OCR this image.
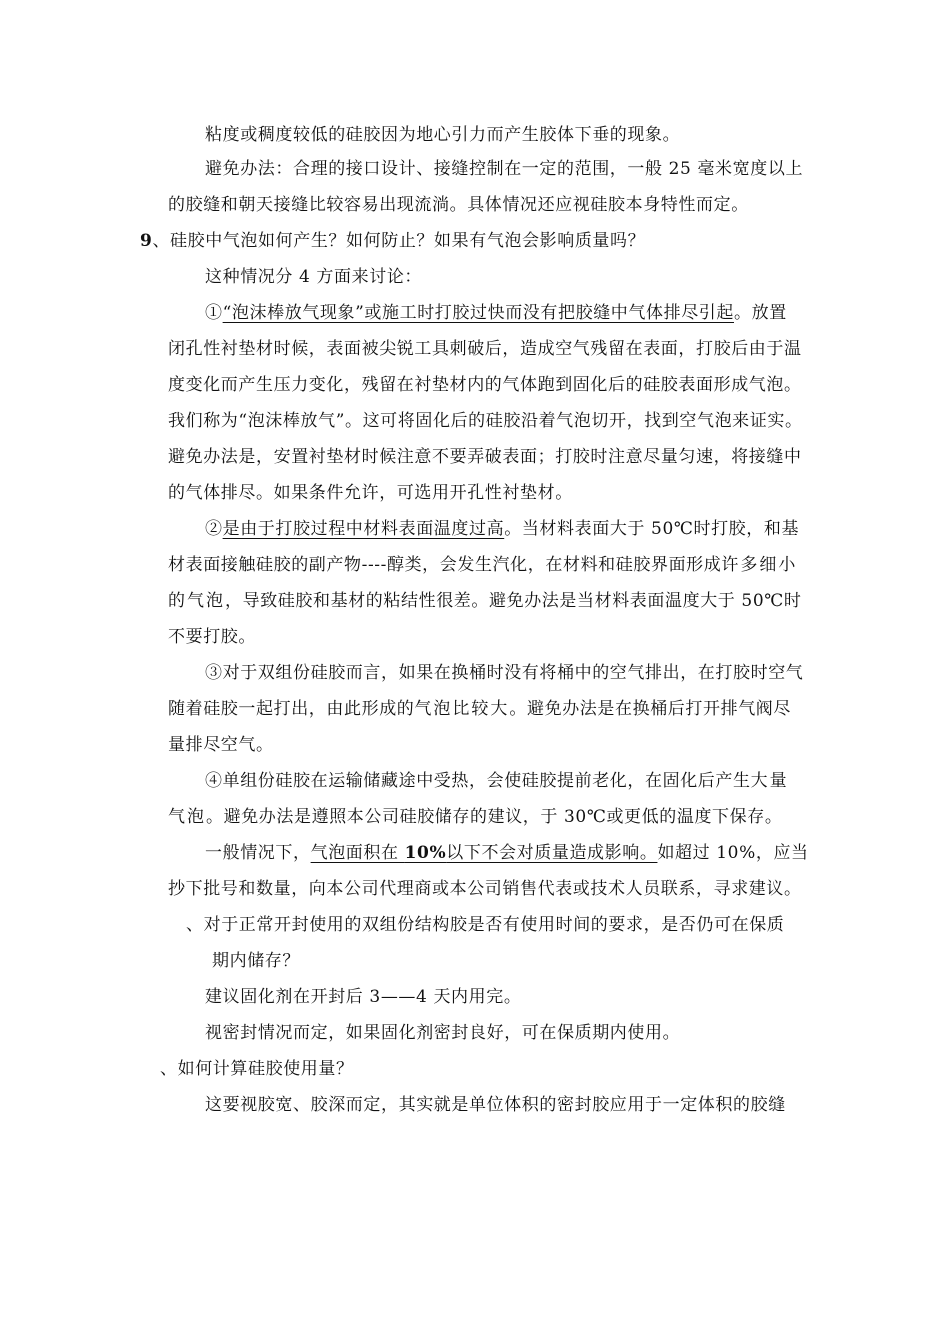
粘度或稠度较低的硅胶因为地心引力而产生胶体下垂的现象。
避免办法：合理的接口设计、接缝控制在一定的范围，一般 25 毫米宽度以上
的胶缝和朝天接缝比较容易出现流淌。具体情况还应视硅胶本身特性而定。
9、硅胶中气泡如何产生？如何防止？如果有气泡会影响质量吗？
这种情况分 4 方面来讨论：
①“泡沫棒放气现象”或施工时打胶过快而没有把胶缝中气体排尽引起。放置
闭孔性衬垫材时候，表面被尖锐工具刺破后，造成空气残留在表面，打胶后由于温
度变化而产生压力变化，残留在衬垫材内的气体跑到固化后的硅胶表面形成气泡。
我们称为“泡沫棒放气”。这可将固化后的硅胶沿着气泡切开，找到空气泡来证实。
避免办法是，安置衬垫材时候注意不要弄破表面；打胶时注意尽量匀速，将接缝中
的气体排尽。如果条件允许，可选用开孔性衬垫材。
②是由于打胶过程中材料表面温度过高。当材料表面大于 50℃时打胶，和基
材表面接触硅胶的副产物----醇类，会发生汽化，在材料和硅胶界面形成许多细小
的气泡，导致硅胶和基材的粘结性很差。避免办法是当材料表面温度大于 50℃时
不要打胶。
③对于双组份硅胶而言，如果在换桶时没有将桶中的空气排出，在打胶时空气
随着硅胶一起打出，由此形成的气泡比较大。避免办法是在换桶后打开排气阀尽
量排尽空气。
④单组份硅胶在运输储藏途中受热，会使硅胶提前老化，在固化后产生大量
气泡。避免办法是遵照本公司硅胶储存的建议，于 30℃或更低的温度下保存。
一般情况下，气泡面积在 10%以下不会对质量造成影响。如超过 10%，应当
抄下批号和数量，向本公司代理商或本公司销售代表或技术人员联系，寻求建议。
、对于正常开封使用的双组份结构胶是否有使用时间的要求，是否仍可在保质
期内储存？
建议固化剂在开封后 3——4 天内用完。
视密封情况而定，如果固化剂密封良好，可在保质期内使用。
、如何计算硅胶使用量？
这要视胶宽、胶深而定，其实就是单位体积的密封胶应用于一定体积的胶缝
